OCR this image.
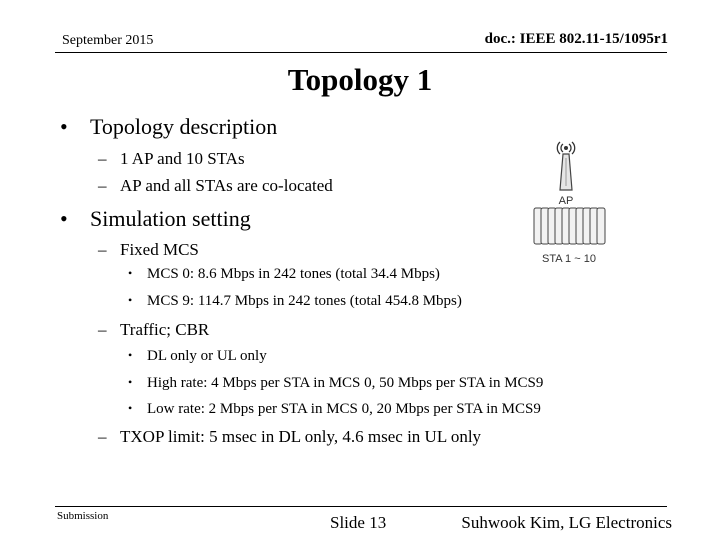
September 2015	doc.: IEEE 802.11-15/1095r1
Topology 1
• Topology description
– 1 AP and 10 STAs
– AP and all STAs are co-located
• Simulation setting
– Fixed MCS
• MCS 0: 8.6 Mbps in 242 tones (total 34.4 Mbps)
• MCS 9: 114.7 Mbps in 242 tones (total 454.8 Mbps)
– Traffic; CBR
• DL only or UL only
• High rate: 4 Mbps per STA in MCS 0, 50 Mbps per STA in MCS9
• Low rate: 2 Mbps per STA in MCS 0, 20 Mbps per STA in MCS9
– TXOP limit: 5 msec in DL only, 4.6 msec in UL only
AP
STA 1 ~ 10
Submission	Slide 13	Suhwook Kim, LG Electronics
